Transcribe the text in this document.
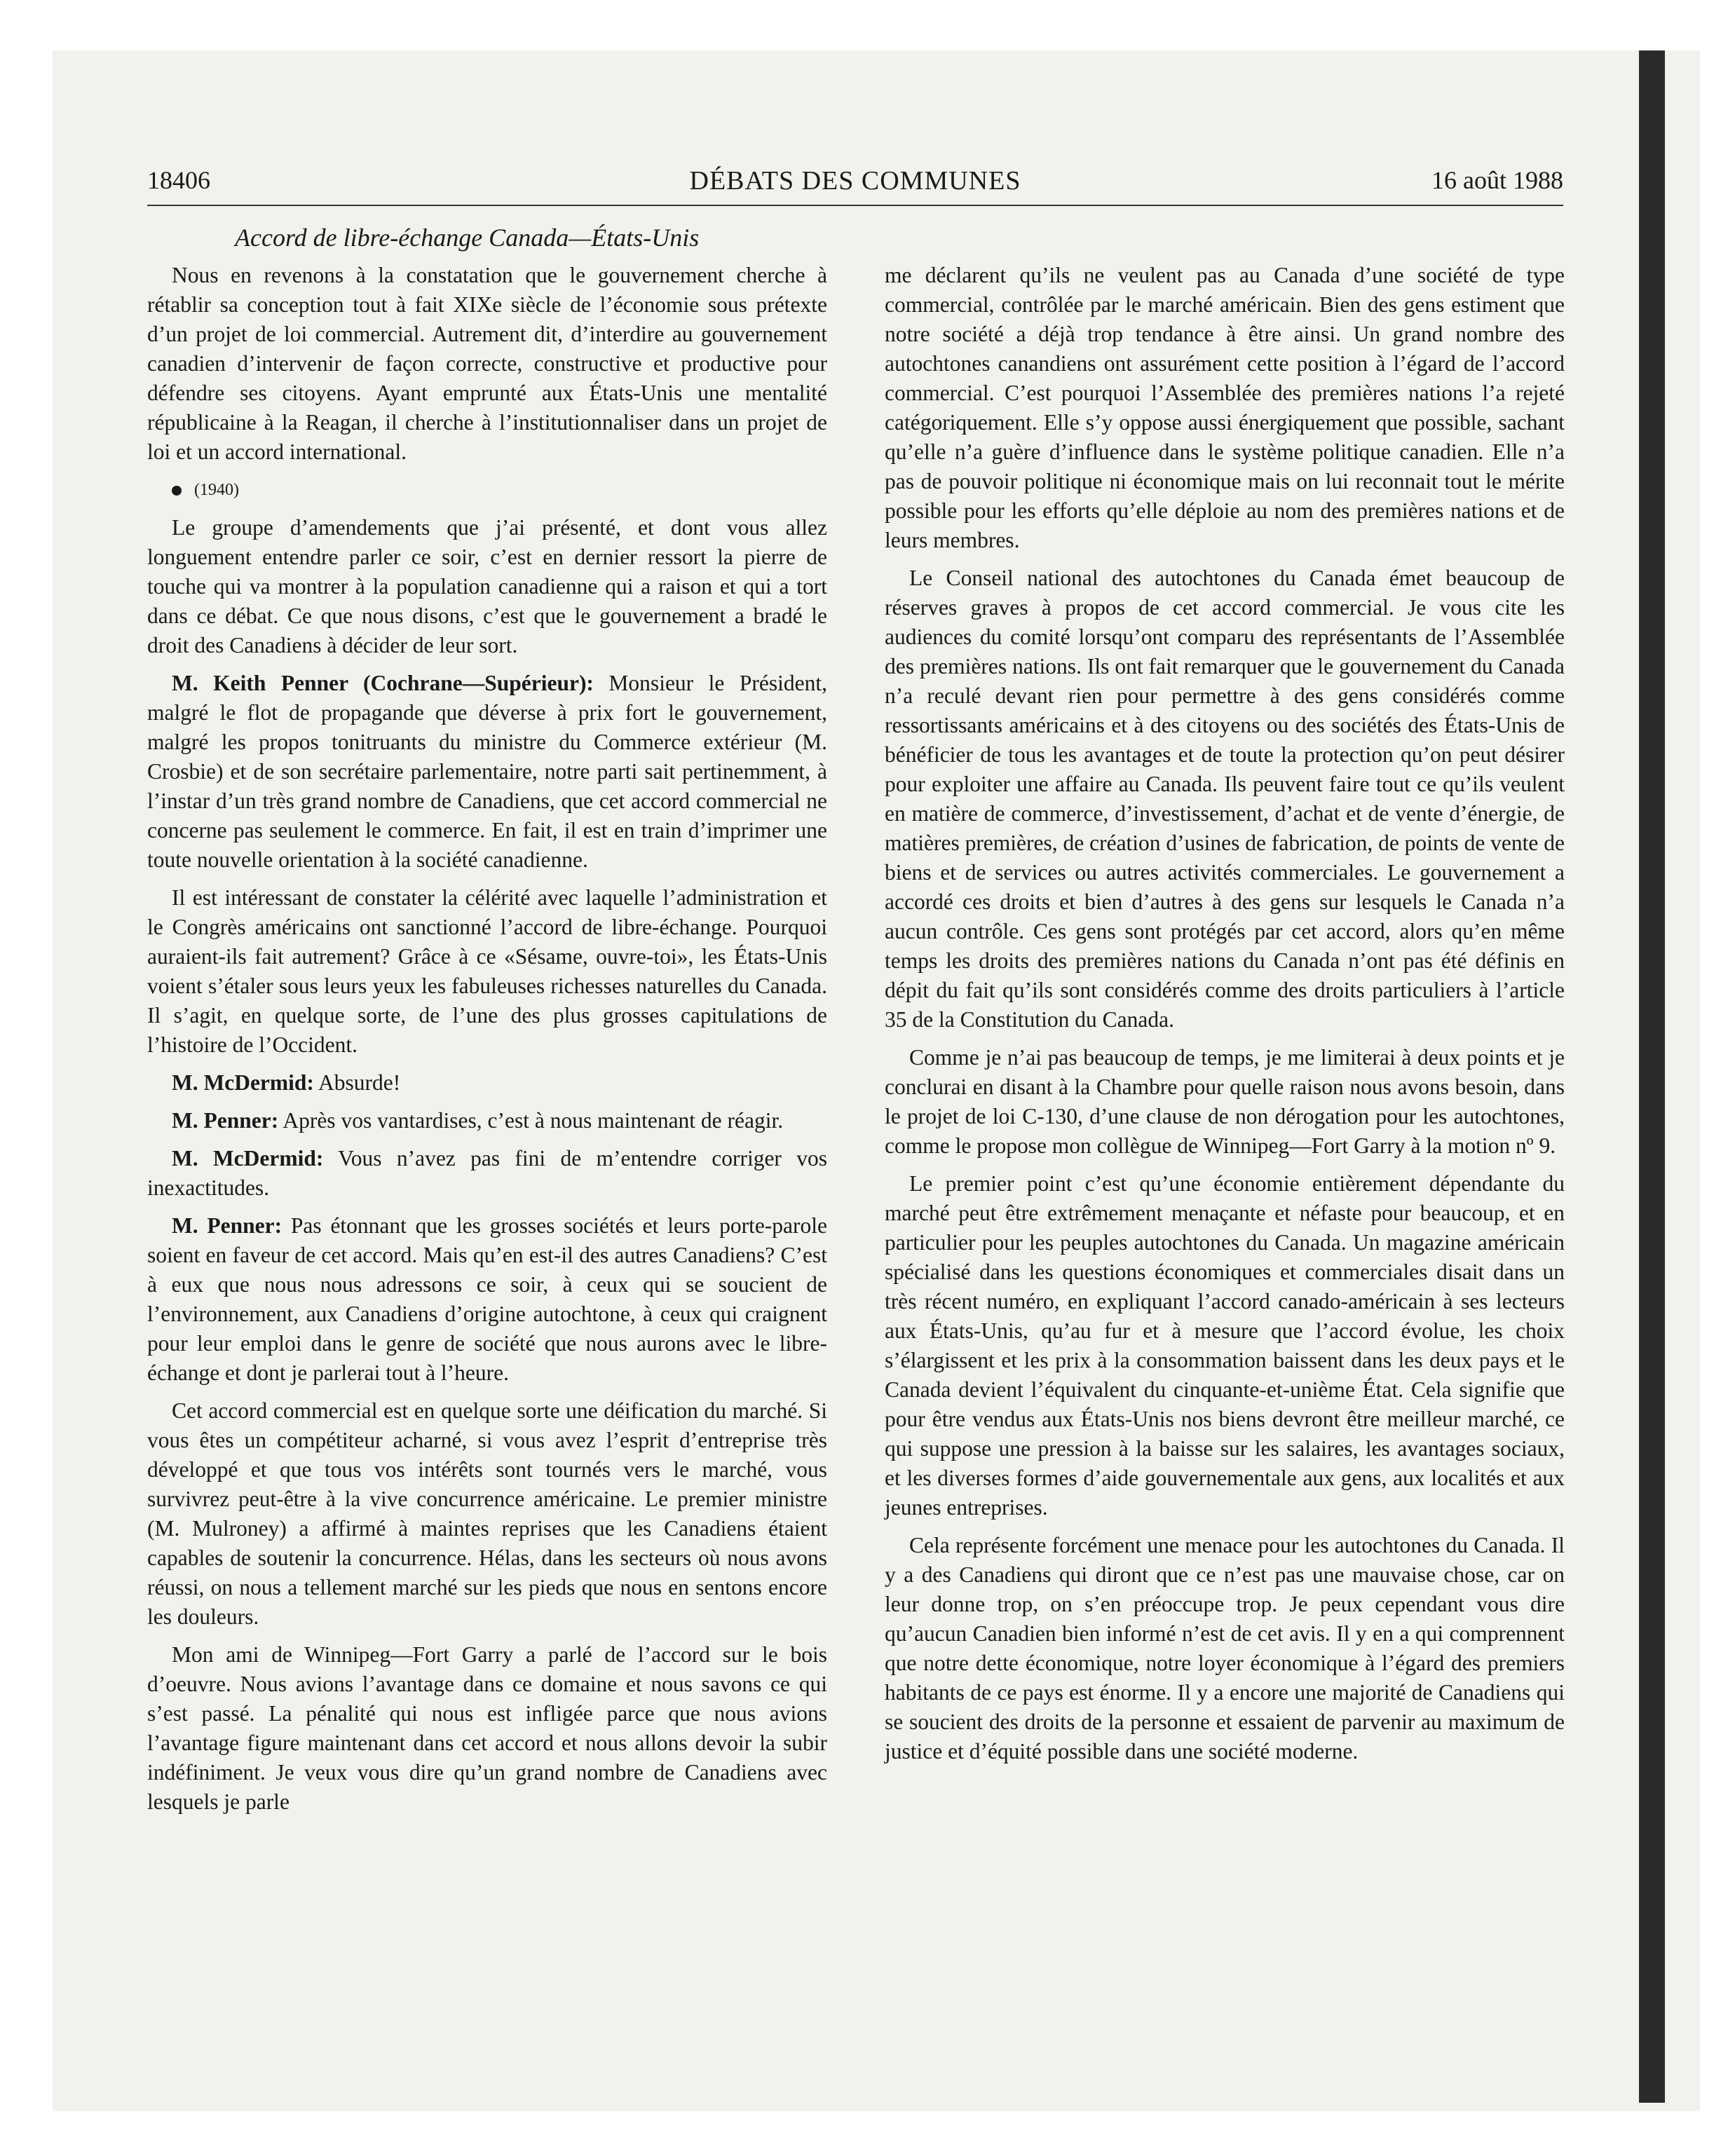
18406	DÉBATS DES COMMUNES	16 août 1988
Accord de libre-échange Canada—États-Unis

Nous en revenons à la constatation que le gouvernement cherche à rétablir sa conception tout à fait XIXe siècle de l’économie sous prétexte d’un projet de loi commercial. Autrement dit, d’interdire au gouvernement canadien d’intervenir de façon correcte, constructive et productive pour défendre ses citoyens. Ayant emprunté aux États-Unis une mentalité républicaine à la Reagan, il cherche à l’institutionnaliser dans un projet de loi et un accord international.

(1940)

Le groupe d’amendements que j’ai présenté, et dont vous allez longuement entendre parler ce soir, c’est en dernier ressort la pierre de touche qui va montrer à la population canadienne qui a raison et qui a tort dans ce débat. Ce que nous disons, c’est que le gouvernement a bradé le droit des Canadiens à décider de leur sort.

M. Keith Penner (Cochrane—Supérieur): Monsieur le Président, malgré le flot de propagande que déverse à prix fort le gouvernement, malgré les propos tonitruants du ministre du Commerce extérieur (M. Crosbie) et de son secrétaire parlementaire, notre parti sait pertinemment, à l’instar d’un très grand nombre de Canadiens, que cet accord commercial ne concerne pas seulement le commerce. En fait, il est en train d’imprimer une toute nouvelle orientation à la société canadienne.

Il est intéressant de constater la célérité avec laquelle l’administration et le Congrès américains ont sanctionné l’accord de libre-échange. Pourquoi auraient-ils fait autrement? Grâce à ce «Sésame, ouvre-toi», les États-Unis voient s’étaler sous leurs yeux les fabuleuses richesses naturelles du Canada. Il s’agit, en quelque sorte, de l’une des plus grosses capitulations de l’histoire de l’Occident.

M. McDermid: Absurde!

M. Penner: Après vos vantardises, c’est à nous maintenant de réagir.

M. McDermid: Vous n’avez pas fini de m’entendre corriger vos inexactitudes.

M. Penner: Pas étonnant que les grosses sociétés et leurs porte-parole soient en faveur de cet accord. Mais qu’en est-il des autres Canadiens? C’est à eux que nous nous adressons ce soir, à ceux qui se soucient de l’environnement, aux Canadiens d’origine autochtone, à ceux qui craignent pour leur emploi dans le genre de société que nous aurons avec le libre-échange et dont je parlerai tout à l’heure.

Cet accord commercial est en quelque sorte une déification du marché. Si vous êtes un compétiteur acharné, si vous avez l’esprit d’entreprise très développé et que tous vos intérêts sont tournés vers le marché, vous survivrez peut-être à la vive concurrence américaine. Le premier ministre (M. Mulroney) a affirmé à maintes reprises que les Canadiens étaient capables de soutenir la concurrence. Hélas, dans les secteurs où nous avons réussi, on nous a tellement marché sur les pieds que nous en sentons encore les douleurs.

Mon ami de Winnipeg—Fort Garry a parlé de l’accord sur le bois d’oeuvre. Nous avions l’avantage dans ce domaine et nous savons ce qui s’est passé. La pénalité qui nous est infligée parce que nous avions l’avantage figure maintenant dans cet accord et nous allons devoir la subir indéfiniment. Je veux vous dire qu’un grand nombre de Canadiens avec lesquels je parle

me déclarent qu’ils ne veulent pas au Canada d’une société de type commercial, contrôlée par le marché américain. Bien des gens estiment que notre société a déjà trop tendance à être ainsi. Un grand nombre des autochtones canandiens ont assurément cette position à l’égard de l’accord commercial. C’est pourquoi l’Assemblée des premières nations l’a rejeté catégoriquement. Elle s’y oppose aussi énergiquement que possible, sachant qu’elle n’a guère d’influence dans le système politique canadien. Elle n’a pas de pouvoir politique ni économique mais on lui reconnait tout le mérite possible pour les efforts qu’elle déploie au nom des premières nations et de leurs membres.

Le Conseil national des autochtones du Canada émet beaucoup de réserves graves à propos de cet accord commercial. Je vous cite les audiences du comité lorsqu’ont comparu des représentants de l’Assemblée des premières nations. Ils ont fait remarquer que le gouvernement du Canada n’a reculé devant rien pour permettre à des gens considérés comme ressortissants américains et à des citoyens ou des sociétés des États-Unis de bénéficier de tous les avantages et de toute la protection qu’on peut désirer pour exploiter une affaire au Canada. Ils peuvent faire tout ce qu’ils veulent en matière de commerce, d’investissement, d’achat et de vente d’énergie, de matières premières, de création d’usines de fabrication, de points de vente de biens et de services ou autres activités commerciales. Le gouvernement a accordé ces droits et bien d’autres à des gens sur lesquels le Canada n’a aucun contrôle. Ces gens sont protégés par cet accord, alors qu’en même temps les droits des premières nations du Canada n’ont pas été définis en dépit du fait qu’ils sont considérés comme des droits particuliers à l’article 35 de la Constitution du Canada.

Comme je n’ai pas beaucoup de temps, je me limiterai à deux points et je conclurai en disant à la Chambre pour quelle raison nous avons besoin, dans le projet de loi C-130, d’une clause de non dérogation pour les autochtones, comme le propose mon collègue de Winnipeg—Fort Garry à la motion nº 9.

Le premier point c’est qu’une économie entièrement dépendante du marché peut être extrêmement menaçante et néfaste pour beaucoup, et en particulier pour les peuples autochtones du Canada. Un magazine américain spécialisé dans les questions économiques et commerciales disait dans un très récent numéro, en expliquant l’accord canado-américain à ses lecteurs aux États-Unis, qu’au fur et à mesure que l’accord évolue, les choix s’élargissent et les prix à la consommation baissent dans les deux pays et le Canada devient l’équivalent du cinquante-et-unième État. Cela signifie que pour être vendus aux États-Unis nos biens devront être meilleur marché, ce qui suppose une pression à la baisse sur les salaires, les avantages sociaux, et les diverses formes d’aide gouvernementale aux gens, aux localités et aux jeunes entreprises.

Cela représente forcément une menace pour les autochtones du Canada. Il y a des Canadiens qui diront que ce n’est pas une mauvaise chose, car on leur donne trop, on s’en préoccupe trop. Je peux cependant vous dire qu’aucun Canadien bien informé n’est de cet avis. Il y en a qui comprennent que notre dette économique, notre loyer économique à l’égard des premiers habitants de ce pays est énorme. Il y a encore une majorité de Canadiens qui se soucient des droits de la personne et essaient de parvenir au maximum de justice et d’équité possible dans une société moderne.
